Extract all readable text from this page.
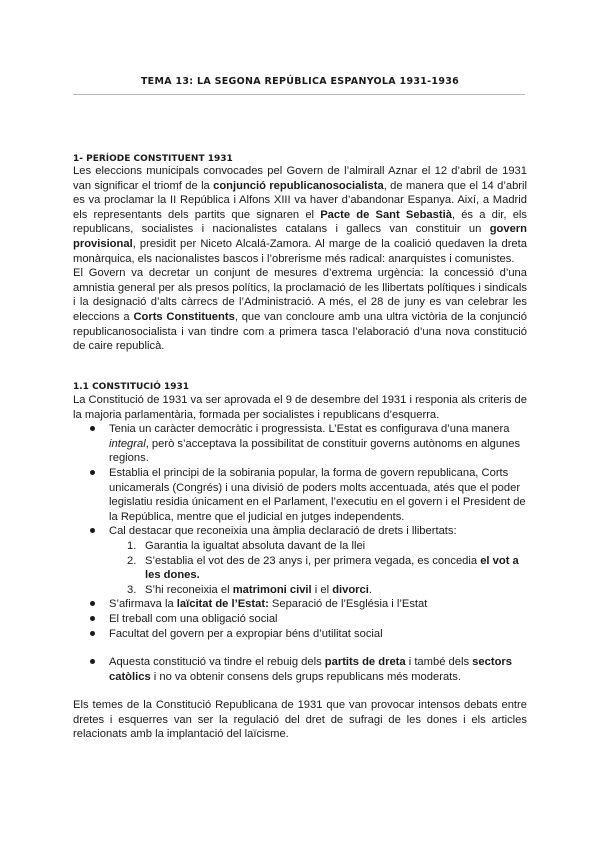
TEMA 13: LA SEGONA REPÚBLICA ESPANYOLA 1931-1936
1- PERÍODE CONSTITUENT 1931

Les eleccions municipals convocades pel Govern de l’almirall Aznar el 12 d’abril de 1931 van significar el triomf de la conjunció republicanosocialista, de manera que el 14 d’abril es va proclamar la II República i Alfons XIII va haver d’abandonar Espanya. Així, a Madrid els representants dels partits que signaren el Pacte de Sant Sebastià, és a dir, els republicans, socialistes i nacionalistes catalans i gallecs van constituir un govern provisional, presidit per Niceto Alcalá-Zamora. Al marge de la coalició quedaven la dreta monàrquica, els nacionalistes bascos i l’obrerisme més radical: anarquistes i comunistes.

El Govern va decretar un conjunt de mesures d’extrema urgència: la concessió d’una amnistia general per als presos polítics, la proclamació de les llibertats polítiques i sindicals i la designació d’alts càrrecs de l’Administració. A més, el 28 de juny es van celebrar les eleccions a Corts Constituents, que van concloure amb una ultra victòria de la conjunció republicanosocialista i van tindre com a primera tasca l’elaboració d’una nova constitució de caire republicà.

1.1 CONSTITUCIÓ 1931

La Constitució de 1931 va ser aprovada el 9 de desembre del 1931 i responia als criteris de la majoria parlamentària, formada per socialistes i republicans d’esquerra.

Tenia un caràcter democràtic i progressista. L’Estat es configurava d’una manera integral, però s’acceptava la possibilitat de constituir governs autònoms en algunes regions.
Establia el principi de la sobirania popular, la forma de govern republicana, Corts unicamerals (Congrés) i una divisió de poders molts accentuada, atés que el poder legislatiu residia únicament en el Parlament, l’executiu en el govern i el President de la República, mentre que el judicial en jutges independents.
Cal destacar que reconeixia una àmplia declaració de drets i llibertats:
1. Garantia la igualtat absoluta davant de la llei
2. S’establia el vot des de 23 anys i, per primera vegada, es concedia el vot a les dones.
3. S’hi reconeixia el matrimoni civil i el divorci.
S’afirmava la laïcitat de l’Estat: Separació de l’Església i l’Estat
El treball com una obligació social
Facultat del govern per a expropiar béns d’utilitat social
Aquesta constitució va tindre el rebuig dels partits de dreta i també dels sectors catòlics i no va obtenir consens dels grups republicans més moderats.

Els temes de la Constitució Republicana de 1931 que van provocar intensos debats entre dretes i esquerres van ser la regulació del dret de sufragi de les dones i els articles relacionats amb la implantació del laïcisme.
